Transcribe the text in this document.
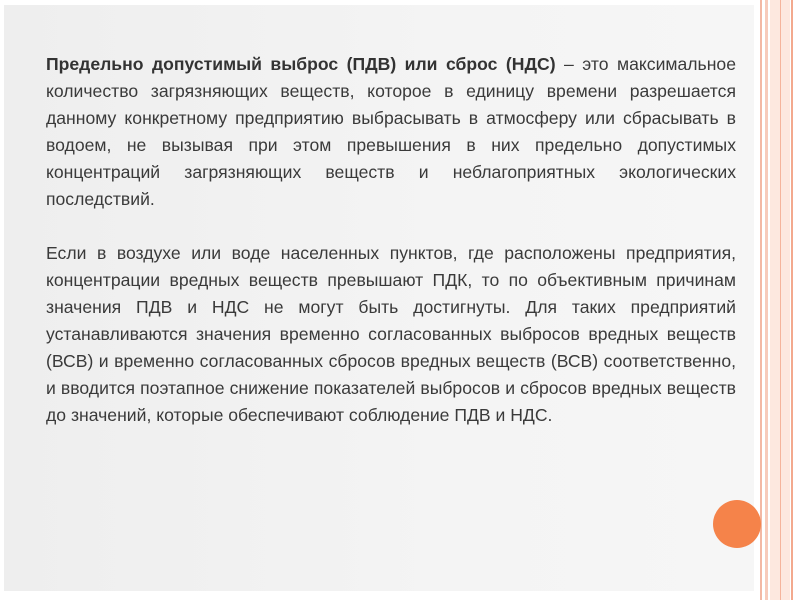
Предельно допустимый выброс (ПДВ) или сброс (НДС) – это максимальное количество загрязняющих веществ, которое в единицу времени разрешается данному конкретному предприятию выбрасывать в атмосферу или сбрасывать в водоем, не вызывая при этом превышения в них предельно допустимых концентраций загрязняющих веществ и неблагоприятных экологических последствий.

Если в воздухе или воде населенных пунктов, где расположены предприятия, концентрации вредных веществ превышают ПДК, то по объективным причинам значения ПДВ и НДС не могут быть достигнуты. Для таких предприятий устанавливаются значения временно согласованных выбросов вредных веществ (ВСВ) и временно согласованных сбросов вредных веществ (ВСВ) соответственно, и вводится поэтапное снижение показателей выбросов и сбросов вредных веществ до значений, которые обеспечивают соблюдение ПДВ и НДС.
